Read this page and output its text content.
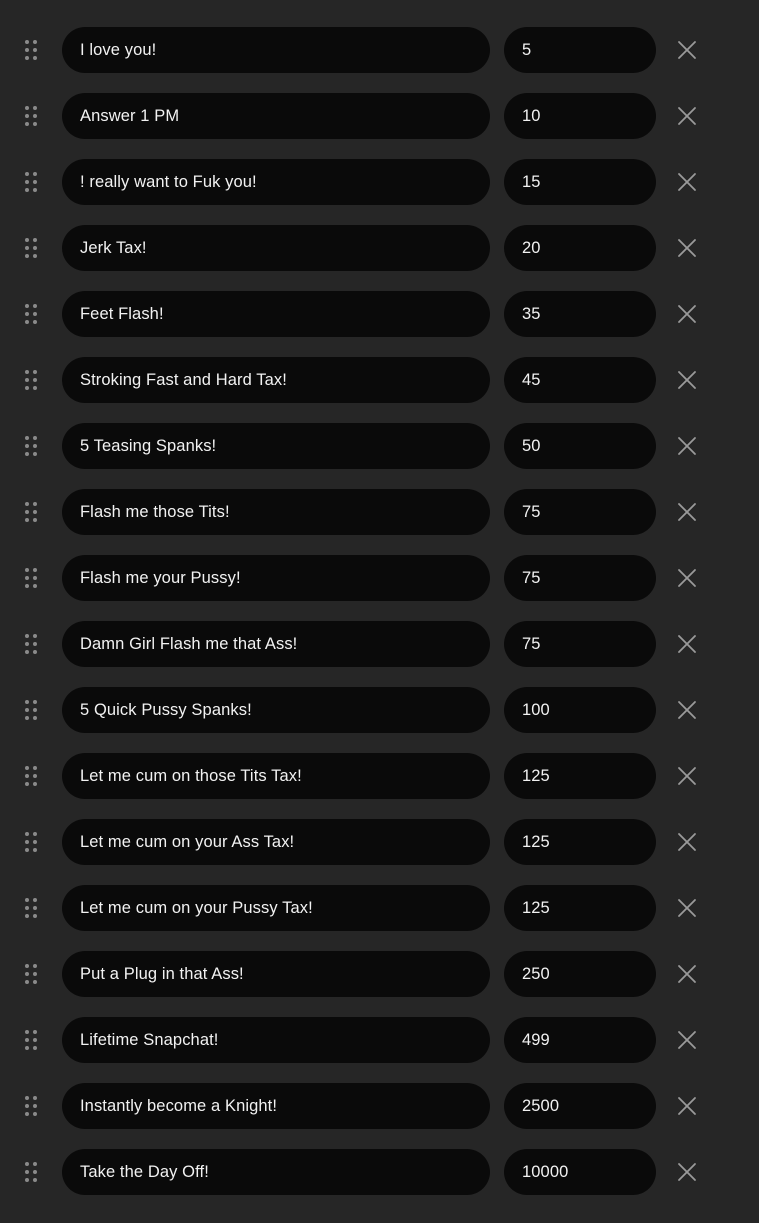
I love you!	5
Answer 1 PM	10
! really want to Fuk you!	15
Jerk Tax!	20
Feet Flash!	35
Stroking Fast and Hard Tax!	45
5 Teasing Spanks!	50
Flash me those Tits!	75
Flash me your Pussy!	75
Damn Girl Flash me that Ass!	75
5 Quick Pussy Spanks!	100
Let me cum on those Tits Tax!	125
Let me cum on your Ass Tax!	125
Let me cum on your Pussy Tax!	125
Put a Plug in that Ass!	250
Lifetime Snapchat!	499
Instantly become a Knight!	2500
Take the Day Off!	10000
